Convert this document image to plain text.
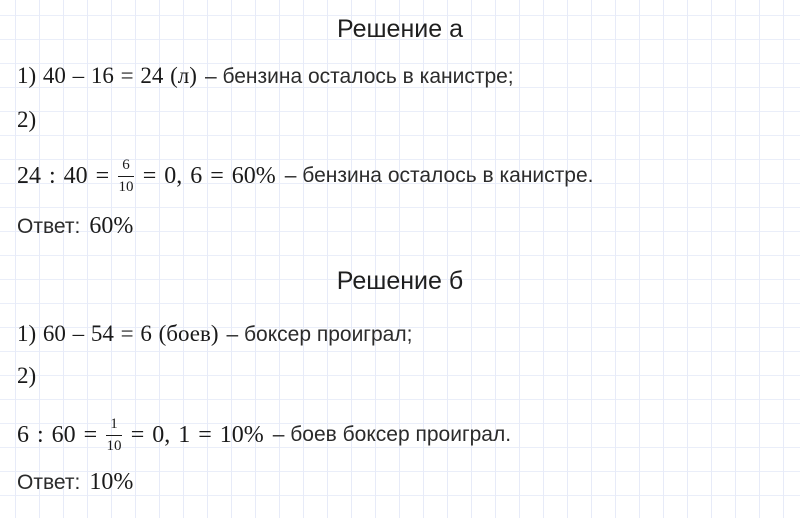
Решение а
1) 40 – 16 = 24 (л) – бензина осталось в канистре;
2)
24 : $40 = \frac{6}{10} = 0$, 6 = 60% – бензина осталось в канистре.
Ответ: 60%
Решение б
1) 60 – 54 = 6 (боев) – боксер проиграл;
2)
6 : $60 = \frac{1}{10} = 0$, 1 = 10% – боев боксер проиграл.
Ответ: 10%
